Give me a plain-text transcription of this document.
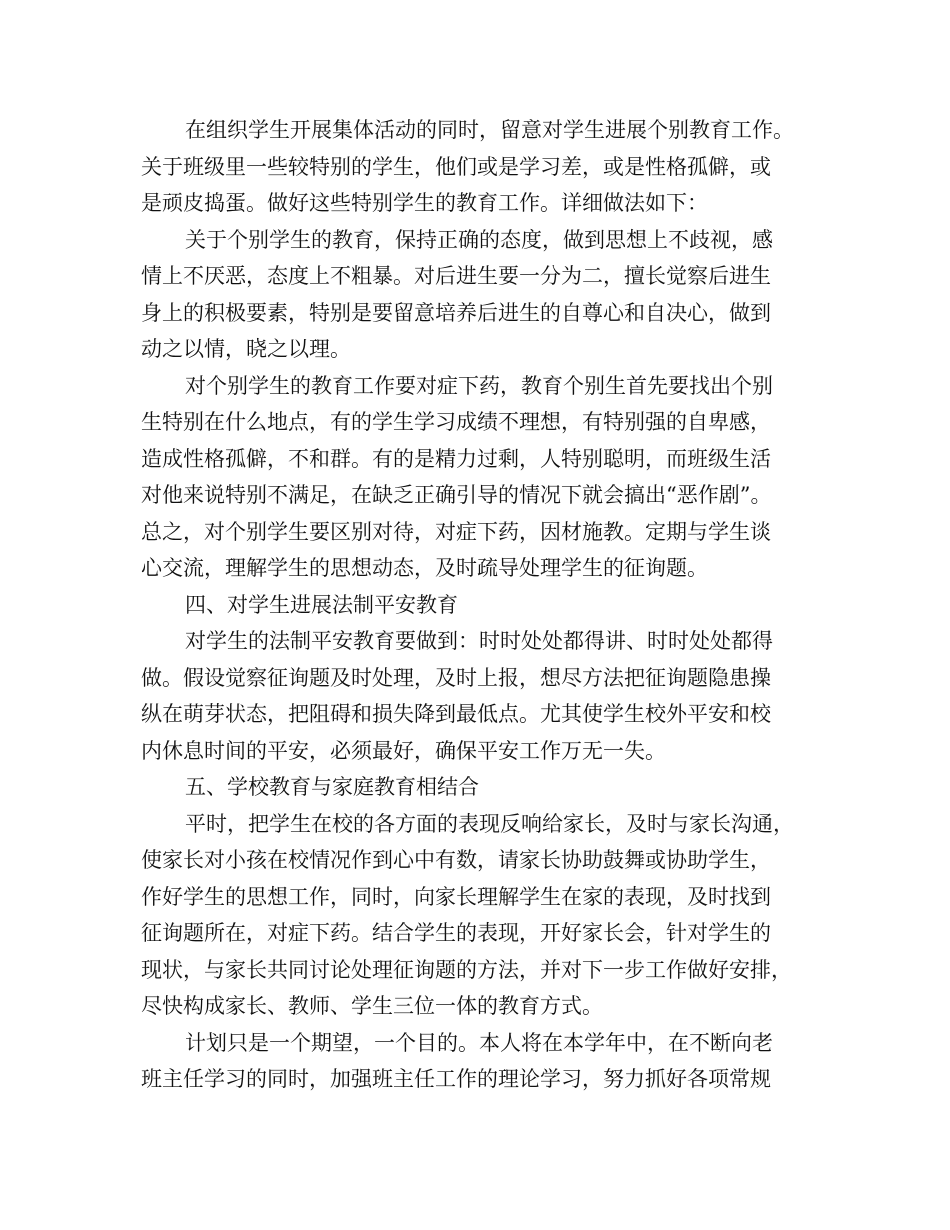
在组织学生开展集体活动的同时，留意对学生进展个别教育工作。
关于班级里一些较特别的学生，他们或是学习差，或是性格孤僻，或
是顽皮捣蛋。做好这些特别学生的教育工作。详细做法如下：
关于个别学生的教育，保持正确的态度，做到思想上不歧视，感
情上不厌恶，态度上不粗暴。对后进生要一分为二，擅长觉察后进生
身上的积极要素，特别是要留意培养后进生的自尊心和自决心，做到
动之以情，晓之以理。
对个别学生的教育工作要对症下药，教育个别生首先要找出个别
生特别在什么地点，有的学生学习成绩不理想，有特别强的自卑感，
造成性格孤僻，不和群。有的是精力过剩，人特别聪明，而班级生活
对他来说特别不满足，在缺乏正确引导的情况下就会搞出“恶作剧”。
总之，对个别学生要区别对待，对症下药，因材施教。定期与学生谈
心交流，理解学生的思想动态，及时疏导处理学生的征询题。
四、对学生进展法制平安教育
对学生的法制平安教育要做到：时时处处都得讲、时时处处都得
做。假设觉察征询题及时处理，及时上报，想尽方法把征询题隐患操
纵在萌芽状态，把阻碍和损失降到最低点。尤其使学生校外平安和校
内休息时间的平安，必须最好，确保平安工作万无一失。
五、学校教育与家庭教育相结合
平时，把学生在校的各方面的表现反响给家长，及时与家长沟通，
使家长对小孩在校情况作到心中有数，请家长协助鼓舞或协助学生，
作好学生的思想工作，同时，向家长理解学生在家的表现，及时找到
征询题所在，对症下药。结合学生的表现，开好家长会，针对学生的
现状，与家长共同讨论处理征询题的方法，并对下一步工作做好安排，
尽快构成家长、教师、学生三位一体的教育方式。
计划只是一个期望，一个目的。本人将在本学年中，在不断向老
班主任学习的同时，加强班主任工作的理论学习，努力抓好各项常规
